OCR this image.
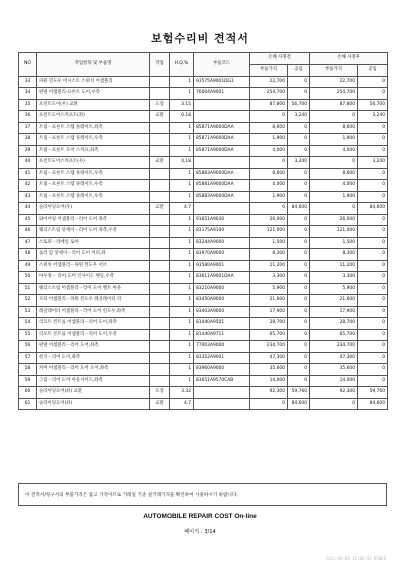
보험수리비 견적서
NO	작업항목 및 부품명	작업	H.Q.%	부품코드	손해 사정전		손해 사정후	
					부품가격	공임	부품가격	공임
33	파워 윈도우 어시스트 스위치 어셈블리		1	93575A9001DG1	22,700	0	22,700	0
34	판넬 어셈블리-프론트 도어,우측		1	76004A9001	254,700	0	254,700	0
35	프런트도어(우) 교환	도장	3.15		87,800	56,700	87,800	56,700
36	프런트도어스커프트(좌)	교환	0.18		0	3,240	0	3,240
37	트림－프론트 스텝 플레이트,좌측		1	85871A9000DAA	8,600	0	8,600	0
38	트림－프론트 스텝 플레이트,우측		1	85871A9000DAA	1,900	0	1,900	0
39	트림－프론트 도어 스커프,좌측		1	85871A9000DAA	4,000	0	4,000	0
40	프런트도어스커프트(우)	교환	0.18		0	3,240	0	3,240
41	트림－프론트 스텝 플레이트,우측		1	85883A9000DAA	8,600	0	8,600	0
42	트림－프론트 스텝 플레이트,우측		1	85881A9000DAA	4,000	0	4,000	0
43	트림－프론트 스텝 플레이트,우측		1	85883A9000DAA	1,900	0	1,900	0
44	슬라이딩도어(우)	교환	4.7		0	84,600	0	84,600
45	와이어링 어셈블리－리어 도어 좌측		1	91651A9030	26,000	0	26,000	0
46	웨더스트립 앗세이－리어 도어 좌측,우측		1	83175A9100	121,000	0	121,000	0
47	스토퍼－리에일 로아		1	83244A9000	1,500	0	1,500	0
48	롤러 암 앗세이－리어 도어 어퍼,좌		1	83970A9000	8,300	0	8,300	0
49	스위치 어셈블리－파워 윈도우 서브		1	93580A9001	11,200	0	11,200	0
50	아우정－ 리어 도어 인사이드 핸들,우측		1	83611A9001DAA	3,300	0	3,300	0
51	웨더스트립 어셈블리－리어 도어 벨트 아웃		1	83210A9000	5,900	0	5,900	0
52	모터 어셈블리－파워 윈도우 레귤레이터 리		1	83450A9000	21,600	0	21,600	0
53	레귤레이터 어셈블리－리어 도어 윈도우,좌측		1	83403A9000	17,900	0	17,900	0
54	리모트 컨트롤 어셈블리－리어 도어,좌측		1	81440A9501	28,700	0	28,700	0
55	리모트 콘트롤 어셈블리－리어 도어,우측		1	81440A9711	65,700	0	65,700	0
56	판넬 어셈블리－리어 도어,좌측		1	77003A9000	234,700	0	234,700	0
57	힌지－리어 도어,좌측		1	83352A9001	47,300	0	47,300	0
58	커버 어셈블리－리어 도어 오어,좌측		1	83960A9000	35,600	0	35,600	0
59	그립－리어 도어 아웃사이드,좌측		1	83651A9570CAB	14,000	0	14,000	0
60	슬라이딩도어(좌) 교환	도장	3.32		92,300	59,760	92,300	59,760
61	슬라이딩도어(좌)	교환	4.7		0	84,600	0	84,600
이 견적서/청구서의 부품가격은 참고 가격이므로 거래일 기준 실거래가격을 확인하여 사용하시기 바랍니다.
AUTOMOBILE REPAIR COST On-line
페이지 : 3/14
2021-09-06 11:06:43 RTWEE
